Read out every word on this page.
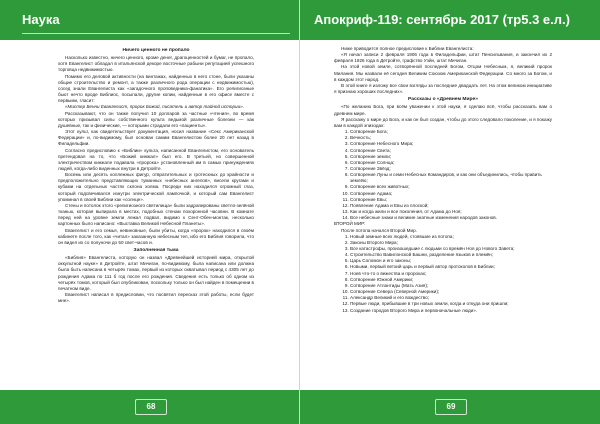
Наука
Ничего ценного не пропало

Насколько известно, ничего ценного, кроме денег, драгоценностей и бумаг, не пропало, хотя Евангелист обладал в итальянской декоре восточные рабыни репутацией успешного торговца недвижимостью.

Помимо его деловой активности (на винтажах, найденных в него стоне, были указаны общие строительство и ремонт, а также различного рода операции с недвижимостью), сосед знали Евангелиста как «загадочного проповедника-фанатика». Его религиозные бьют нечто вроде Библиос, посыпали, другие копии, найденные в его офисе вместе с первыми, гласит:

«Мистер Бенни Евангелист, пророк Божий, писатель и автор тайной истории».

Рассказывают, что он также получил 10 долларов за частные «чтения», во время которых призывал силы собственного культа ведьмой различные болезни — как душевные, так и физические, — которыми страдали его «пациенты».

Этот культ, как свидетельствует документация, носил название «Секс Американской Федерации» и, по-видимому, был основан самим Евангелистом более 20 лет назад в Филадельфии.

Согласно предисловию к «Библии» культа, написанной Евангелистом, его основатель претендовал на то, что «Божий кинжал» был его. В третьей, но совершенной электричеством кинжале подавала «пророка» установленный им в самых принуждениях людей, когда-либо виденных внутри в Детройте.

Восемь или десять коллежных фигур, отвратительных и гротескных до крайности и предположительно представляющих туманных «небесных ангелов», висели кругами и кубами на отдельных частях склона холма. Посреди них находился огромный глаз, который подсвечивался изнутри электрической лампочкой, и который сам Евангелист упоминал в своей Библии как «солнце».

Стены и потолок этого «религиозного святилища» были задрапированы светло-зелёной тканью, которая выпирала в местах, подобных стенам похоронной часовни. В комнате перед ней на уровне земли лежал подвал, видимо к Сент-Обен-монтак, несколько картонных было написано: «Выставка Великой Небесной Планеты».

Евангелист и его семья, невиновные, были убиты, когда «пророк» находился в своём кабинете после того, как «читал» заказанную небесным тел, ибо его Библия говорила, что он видел их со полуночи до 50 свет-часов и.

Заполненная тьма

«Библия» Евангелиста, которую он назвал «Древнейшей историей мира, открытой оккультной науке» в Детройте, штат Мичиган, по-видимому, была написана или должна была быть написана в четырёх томах, первый из которых охватывал период с 4305 лет до рождения Адама по 111 б год после его рождения. Сведения есть только об одном из четырёх томов, который был опубликован, поскольку только он был найден в помещении в печатном виде.

Евангелист написал в предисловии, что посвятил пересказ этой работы, если будет мне».

68
Апокриф-119: сентябрь 2017 (тр5.3 е.л.)

Ниже приводится полное предисловие к Библии Евангелиста:

«Я начал записи 2 февраля 1906 года в Филадельфии, штат Пенсильвания, и закончил их 2 февраля 1926 года в Детройте, графство Уэйн, штат Мичиган.

На этой новой земле, сотворённой последней Богом, Отцом Небесным, я, великий пророк Милания. Мы назвали её сегодня Великим Союзом Американской Федерации. Со много за Богом, и в каждом этот народ.

В этой книге я изложу все свои взгляды за последние двадцать лет. На этом великом инициативе я признаю хороших последних».

Рассказы о «Древнем Мире»

«По желанию Бога, при всём уважении к этой науки, я сделаю всё, чтобы рассказать вам о древнем мире.

Я расскажу о мире до Бога, и как он был создан, чтобы до этого следовало поколение, и я покажу вам в каждой эпизодах:

1. Сотворение Бога;
2. Вечность;
3. Сотворение Небесного Мира;
4. Сотворение Света;
5. Сотворение земли;
6. Сотворение Солнца;
7. Сотворение Звёзд;
8. Сотворение Луны и семи Небесных Командиров, и как они объединились, чтобы править землёю;
9. Сотворение всех животных;
10. Сотворение Адама;
11. Сотворение Евы;
12. Появление Адама и Евы из плоской;
13. Как и когда жили и все поколения, от Адама до Ноя;
14. Все небесные знаки и великие знатные изменения народов законов.

ВТОРОЙ МИР:

После потопа начался Второй Мир.

1. Новый земные всех людей, стоявшие из потопа;
2. Законы Второго Мира;
3. Все катастрофы, произошедшие с людьми со времён Ноя до Нового Завета;
4. Строительство Вавилонской Башни, разделение языков и племён;
5. Царь Соломон и его законы;
6. Новыми, первый ветхий царь и первый автор протоколов в Библии;
7. Ноев что-то о вежества и пророках;
8. Сотворение Южной Америки;
9. Сотворение Атлантиды (Мать Азия);
10. Сотворение Севера (Северной Америки);
11. Александр Великий и его вождество;
12. Первые люди, прибывшие в три новых земли, когда и откуда они пришли;
13. Создание городов Второго Мира и первоначальные люди».
69
